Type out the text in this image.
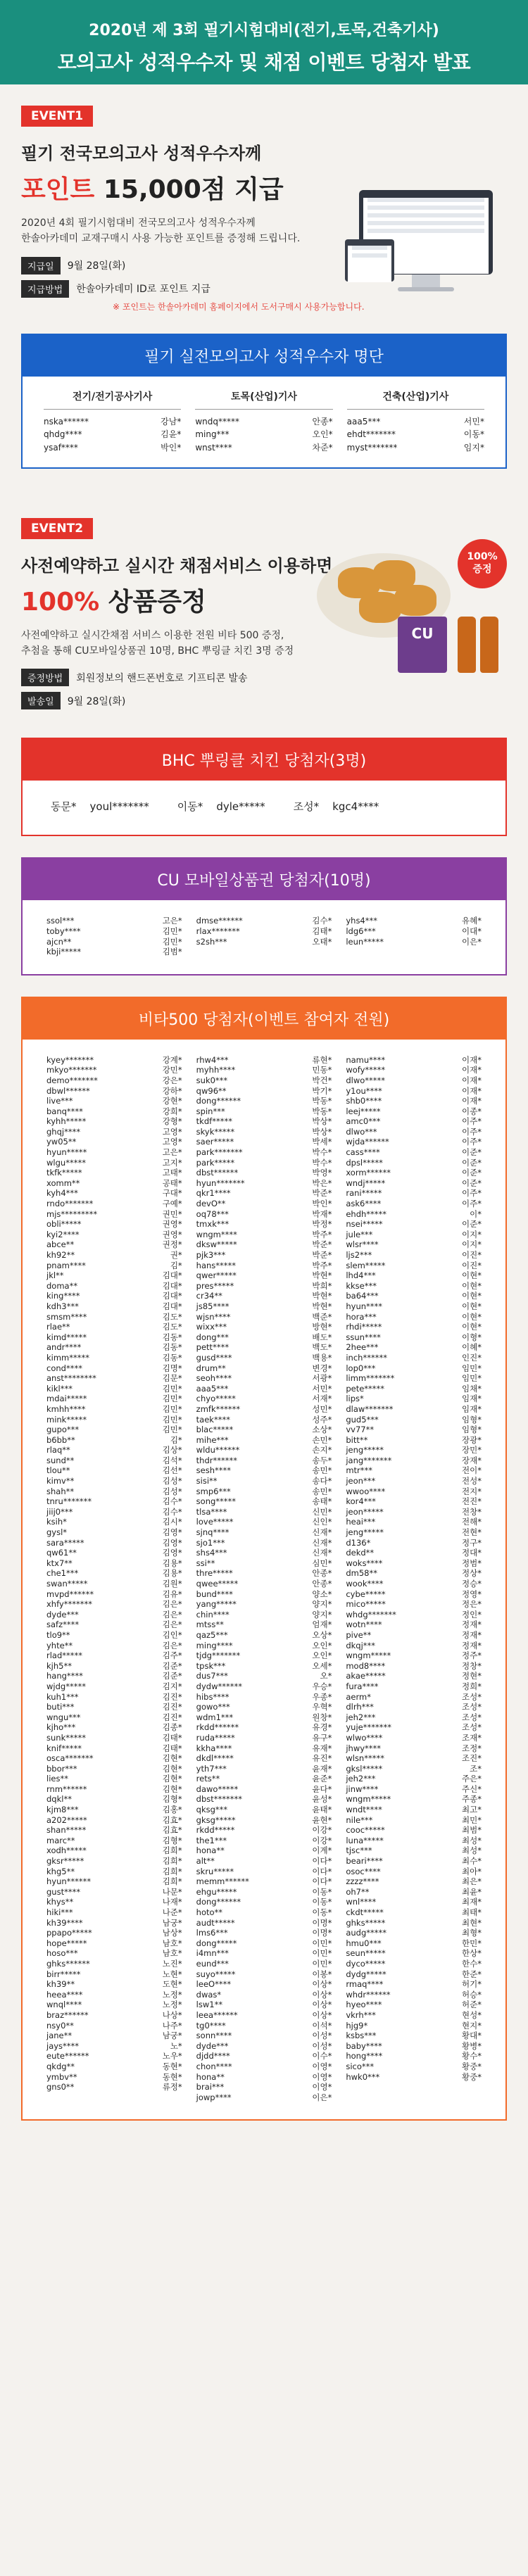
2020년 제 3회 필기시험대비(전기,토목,건축기사)
모의고사 성적우수자 및 채점 이벤트 당첨자 발표
EVENT1
필기 전국모의고사 성적우수자께
포인트 15,000점 지급
2020년 4회 필기시험대비 전국모의고사 성적우수자께
한솔아카데미 교재구매시 사용 가능한 포인트를 증정해 드립니다.
지급일	9월 28일(화)
지급방법	한솔아카데미 ID로 포인트 지급
※ 포인트는 한솔아카데미 홈페이지에서 도서구매시 사용가능합니다.
필기 실전모의고사 성적우수자 명단
전기/전기공사기사
nska******	강남*
qhdg****	김윤*
ysaf****	박인*
토목(산업)기사
wndq*****	안종*
ming***	오인*
wnst****	차준*
건축(산업)기사
aaa5***	서민*
ehdt*******	이동*
myst*******	임지*
EVENT2
사전예약하고 실시간 채점서비스 이용하면
100% 상품증정
사전예약하고 실시간채점 서비스 이용한 전원 비타 500 증정,
추첨을 통해 CU모바일상품권 10명, BHC 뿌링클 치킨 3명 증정
증정방법	회원정보의 핸드폰번호로 기프티콘 발송
발송일	9월 28일(화)
CU
100%
증정
BHC 뿌링클 치킨 당첨자(3명)
동문*    youl*******	이동*    dyle*****	조성*    kgc4****
CU 모바일상품권 당첨자(10명)
ssol***	고은*
toby****	김민*
ajcn**	김민*
kbji*****	김범*
dmse******	김수*
rlax*******	김태*
s2sh***	오태*
yhs4***	유혜*
ldg6***	이대*
leun*****	이은*
비타500 당첨자(이벤트 참여자 전원)
kyey*******	강계*
mkyo*******	강민*
demo*******	강은*
dbwl******	강하*
live***	강현*
banq****	강희*
kyhh*****	강형*
ghqj****	고영*
yw05**	고영*
hyun*****	고은*
wlgu*****	고지*
tkfk*****	고태*
xomm**	공태*
kyh4***	구대*
rndo*******	구예*
mjs*********	권민*
obli*****	권영*
kyi2****	권영*
abce**	권정*
kh92**	권*
pnam****	김*
jkl**	김대*
doma**	김대*
king****	김대*
kdh3***	김대*
smsm****	김도*
rlae**	김도*
kimd*****	김동*
andr****	김동*
kimm*****	김동*
cond****	김명*
anst********	김문*
kikl***	김민*
mdai*****	김민*
kmhh****	김민*
mink*****	김민*
gupo***	김민*
b6bb**	김*
rlaq**	김상*
sund**	김석*
tlou**	김선*
kimv**	김성*
shah**	김성*
tnru*******	김수*
jiij0***	김수*
ksih*	김시*
gysl*	김영*
sara*****	김영*
qw61**	김영*
ktx7**	김용*
che1***	김용*
swan*****	김원*
mvpd******	김유*
xhfy*******	김은*
dyde***	김은*
safz****	김은*
tlo9**	김인*
yhte**	김은*
rlad*****	김주*
kjh5**	김준*
hang****	김준*
wjdg*****	김지*
kuh1***	김진*
buti***	김진*
wngu***	김진*
kjho***	김종*
sunk*****	김태*
knif*****	김태*
osca*******	김현*
bbor***	김현*
lies**	김현*
rnm******	김현*
dqkl**	김형*
kjm8***	김홍*
a202*****	김효*
shan*****	김효*
marc**	김형*
xodh*****	김희*
gksr*****	김희*
khg5**	김희*
hyun******	김희*
gust****	나문*
khys**	나재*
hiki***	나준*
kh39****	남궁*
ppapo*****	남상*
hope*****	남호*
hoso***	남호*
ghks******	노진*
birr*****	노현*
kh39**	도현*
heea****	노정*
wnql****	노정*
braz******	나상*
nsy0**	나주*
jane**	남궁*
jays****	노*
eute******	노우*
qkdg**	동현*
ymbv**	동현*
gns0**	류정*
rhw4***	류현*
myhh****	민동*
suk0***	박건*
qw96**	박기*
dong******	박동*
spin***	박동*
tkdf*****	박상*
skyk*****	박상*
saer*****	박세*
park*******	박수*
park*****	박수*
dbst******	박영*
hyun*******	박은*
qkr1****	박준*
devO**	박인*
oq78***	박재*
tmxk***	박정*
wngm****	박주*
dksw*****	박준*
pjk3***	박준*
hans*****	박주*
qwer*****	박현*
pres*****	박희*
cr34**	박현*
js85****	박현*
wjsn****	백준*
wixx***	방현*
dong***	배도*
pett****	백도*
gusd****	백용*
drum**	변경*
seoh****	서광*
aaa5***	서민*
chyo*****	서재*
zmfk******	성민*
taek****	성주*
blac*****	소상*
mihe***	손민*
wldu******	손지*
thdr******	송두*
sesh****	송민*
sisi**	송다*
smp6***	송민*
song*****	송태*
tlsa****	신민*
love*****	신인*
sjnq****	신재*
sjo1***	신재*
shs4***	신재*
ssi**	심민*
thre*****	안종*
qwee*****	안종*
bund****	양소*
yang*****	양지*
chin****	양지*
mtss**	엄재*
qaz5***	오상*
ming****	오인*
tjdg*******	오인*
tpsk***	오세*
dus7***	오*
dydw******	우승*
hibs****	우종*
gowo***	우혁*
wdm1***	원창*
rkdd******	유경*
ruda*****	유구*
kkha****	유재*
dkdl*****	유진*
yth7***	윤재*
rets**	윤준*
dawo*****	윤다*
dbst*******	윤성*
qksg***	윤태*
gksg*****	윤현*
rkdd*****	이강*
the1***	이강*
hona**	이계*
alt**	이다*
skru*****	이다*
memm******	이다*
ehgu*****	이동*
dong******	이동*
hoto**	이동*
audt*****	이명*
lms6***	이명*
dong*****	이민*
i4mn***	이민*
eund***	이민*
suyo*****	이봉*
leeO****	이상*
dwas*	이상*
lsw1**	이상*
leea******	이상*
tg0****	이석*
sonn****	이성*
dyde***	이성*
djdd****	이수*
chon****	이영*
hona**	이영*
brai***	이영*
jowp****	이은*
namu****	이재*
wofy*****	이재*
dlwo*****	이재*
y1ou****	이재*
shb0****	이재*
leej*****	이종*
amc0***	이주*
dlwo***	이주*
wjda******	이주*
cass****	이준*
dpsl*****	이준*
xorm******	이준*
wndj*****	이준*
rani*****	이주*
ask6****	이주*
ehdh*****	이*
nsei*****	이준*
jule***	이지*
wlsr****	이지*
ljs2***	이진*
slem*****	이진*
lhd4***	이현*
kkse***	이현*
ba64***	이현*
hyun****	이현*
hora***	이현*
rhdi*****	이현*
ssun****	이형*
2hee***	이혜*
inch******	인진*
lop0***	임민*
limm*******	임민*
pete*****	임채*
lips*	임재*
dlaw*******	임재*
gud5***	임형*
vv77**	임형*
bitt**	장광*
jeng*****	장민*
jang*******	장재*
mtr***	전이*
jeon***	전성*
wwoo****	전지*
kor4***	전진*
jeon*****	전창*
heai***	전해*
jeng*****	전현*
d136*	정구*
dekd**	정대*
woks****	정범*
dm58**	정상*
wook****	정승*
cybe*****	정영*
mico*****	정은*
whdg*******	정인*
wotn****	정재*
pive**	정재*
dkqj***	정재*
wngm*****	정주*
mod8****	정창*
akae*****	정현*
fura****	정희*
aerm*	조성*
dlrh***	조성*
jeh2***	조성*
yuje*******	조성*
wlwo****	조재*
jhwy****	조정*
wlsn*****	조진*
gksl*****	조*
jeh2***	주은*
jinw****	주신*
wngm*****	주종*
wndt****	최고*
nile***	최민*
cooc*****	최범*
luna*****	최성*
tjsc***	최성*
beari****	최수*
osoc****	최아*
zzzz****	최은*
oh7**	최윤*
wnl****	최재*
ckdt*****	최태*
ghks*****	최현*
audg*****	최형*
hmu0***	한민*
seun*****	한상*
dyco*****	한수*
dydg*****	한준*
rmaq****	허기*
whdr******	허승*
hyeo****	허준*
vkrh***	현성*
hjg9*	현지*
ksbs***	황대*
baby****	황병*
hong****	황수*
sico***	황중*
hwk0***	황중*
